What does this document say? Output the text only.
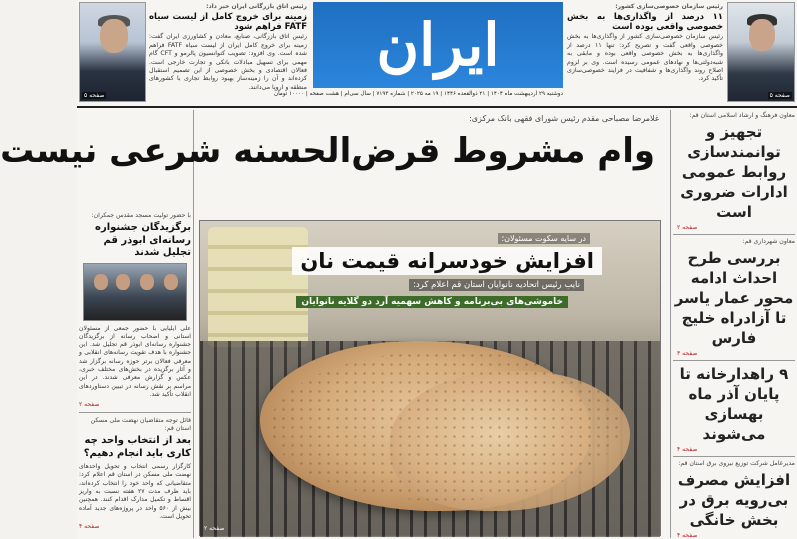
صفحه ۵
رئیس اتاق بازرگانی ایران خبر داد:
زمینه برای خروج کامل از لیست سیاه FATF فراهم شود
رئیس اتاق بازرگانی، صنایع، معادن و کشاورزی ایران گفت: زمینه برای خروج کامل ایران از لیست سیاه FATF فراهم شده است. وی افزود: تصویب کنوانسیون پالرمو و CFT گام مهمی برای تسهیل مبادلات بانکی و تجارت خارجی است. فعالان اقتصادی و بخش خصوصی از این تصمیم استقبال کرده‌اند و آن را زمینه‌ساز بهبود روابط تجاری با کشورهای منطقه و اروپا می‌دانند.
ایران
دوشنبه ۲۹ اردیبهشت ماه ۱۴۰۴ | ۲۱ ذوالقعده ۱۴۴۶ | ۱۹ مه ۲۰۲۵ | شماره ۷۱۹۳ | سال سی‌ام | هشت صفحه | ۱۰۰۰۰ تومان
رئیس سازمان خصوصی‌سازی کشور:
۱۱ درصد از واگذاری‌ها به بخش خصوصی واقعی بوده است
رئیس سازمان خصوصی‌سازی کشور از واگذاری‌ها به بخش خصوصی واقعی گفت و تصریح کرد: تنها ۱۱ درصد از واگذاری‌ها به بخش خصوصی واقعی بوده و مابقی به شبه‌دولتی‌ها و نهادهای عمومی رسیده است. وی بر لزوم اصلاح روند واگذاری‌ها و شفافیت در فرایند خصوصی‌سازی تأکید کرد.
صفحه ۵
غلامرضا مصباحی مقدم رئیس شورای فقهی بانک مرکزی:
وام مشروط قرض‌الحسنه شرعی نیست
در سایه سکوت مسئولان؛
افزایش خودسرانه قیمت نان
نایب رئیس اتحادیه نانوایان استان قم اعلام کرد:
خاموشی‌های بی‌برنامه و کاهش سهمیه آرد دو گلایه نانوایان
صفحه ۲
با حضور تولیت مسجد مقدس جمکران:
برگزیدگان جشنواره رسانه‌ای ابوذر قم تجلیل شدند
علی ایلیایی با حضور جمعی از مسئولان استانی و اصحاب رسانه از برگزیدگان جشنواره رسانه‌ای ابوذر قم تجلیل شد. این جشنواره با هدف تقویت رسانه‌های انقلابی و معرفی فعالان برتر حوزه رسانه برگزار شد و آثار برگزیده در بخش‌های مختلف خبری، عکس و گزارش معرفی شدند. در این مراسم بر نقش رسانه در تبیین دستاوردهای انقلاب تأکید شد.
صفحه ۲
قائل توجه متقاضیان نهضت ملی مسکن استان قم:
بعد از انتخاب واحد چه کاری باید انجام دهیم؟
کارگزار رسمی انتخاب و تحویل واحدهای نهضت ملی مسکن در استان قم اعلام کرد: متقاضیانی که واحد خود را انتخاب کرده‌اند، باید ظرف مدت ۲۷ هفته نسبت به واریز اقساط و تکمیل مدارک اقدام کنند. همچنین بیش از ۵۶۰ واحد در پروژه‌های جدید آماده تحویل است.
صفحه ۴
معاون فرهنگ و ارشاد اسلامی استان قم:
تجهیز و توانمندسازی روابط عمومی ادارات ضروری است
صفحه ۲
معاون شهرداری قم:
بررسی طرح احداث ادامه محور عمار یاسر تا آزادراه خلیج فارس
صفحه ۳
۹ راهدارخانه تا پایان آذر ماه بهسازی می‌شوند
صفحه ۴
مدیرعامل شرکت توزیع نیروی برق استان قم:
افزایش مصرف بی‌رویه برق در بخش خانگی
صفحه ۴
